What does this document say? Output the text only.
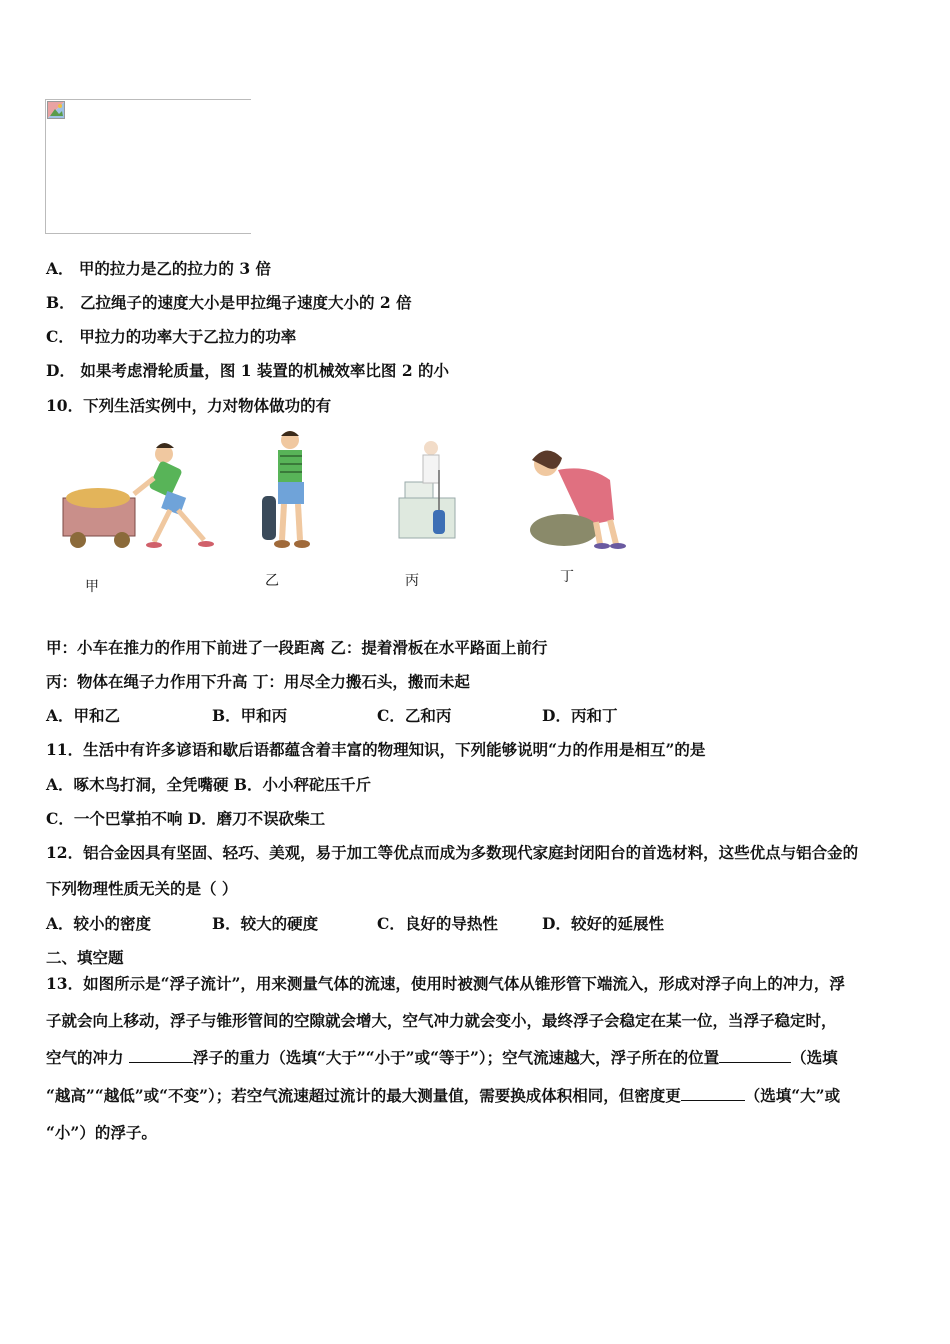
A． 甲的拉力是乙的拉力的 3 倍
B． 乙拉绳子的速度大小是甲拉绳子速度大小的 2 倍
C． 甲拉力的功率大于乙拉力的功率
D． 如果考虑滑轮质量，图 1 装置的机械效率比图 2 的小
10．下列生活实例中，力对物体做功的有
甲	乙	丙	丁
甲：小车在推力的作用下前进了一段距离 乙：提着滑板在水平路面上前行
丙：物体在绳子力作用下升高 丁：用尽全力搬石头，搬而未起
A．甲和乙	B．甲和丙	C．乙和丙	D．丙和丁
11．生活中有许多谚语和歇后语都蕴含着丰富的物理知识，下列能够说明“力的作用是相互”的是
A．啄木鸟打洞，全凭嘴硬 B．小小秤砣压千斤
C．一个巴掌拍不响 D．磨刀不误砍柴工
12．铝合金因具有坚固、轻巧、美观，易于加工等优点而成为多数现代家庭封闭阳台的首选材料，这些优点与铝合金的
下列物理性质无关的是（ ）
A．较小的密度	B．较大的硬度	C．良好的导热性	D．较好的延展性
二、填空题
13．如图所示是“浮子流计”，用来测量气体的流速，使用时被测气体从锥形管下端流入，形成对浮子向上的冲力，浮
子就会向上移动，浮子与锥形管间的空隙就会增大，空气冲力就会变小，最终浮子会稳定在某一位，当浮子稳定时，
空气的冲力	浮子的重力（选填“大于”“小于”或“等于”）；空气流速越大，浮子所在的位置	（选填
“越高”“越低”或“不变”）；若空气流速超过流计的最大测量值，需要换成体积相同，但密度更	（选填“大”或
“小”）的浮子。
